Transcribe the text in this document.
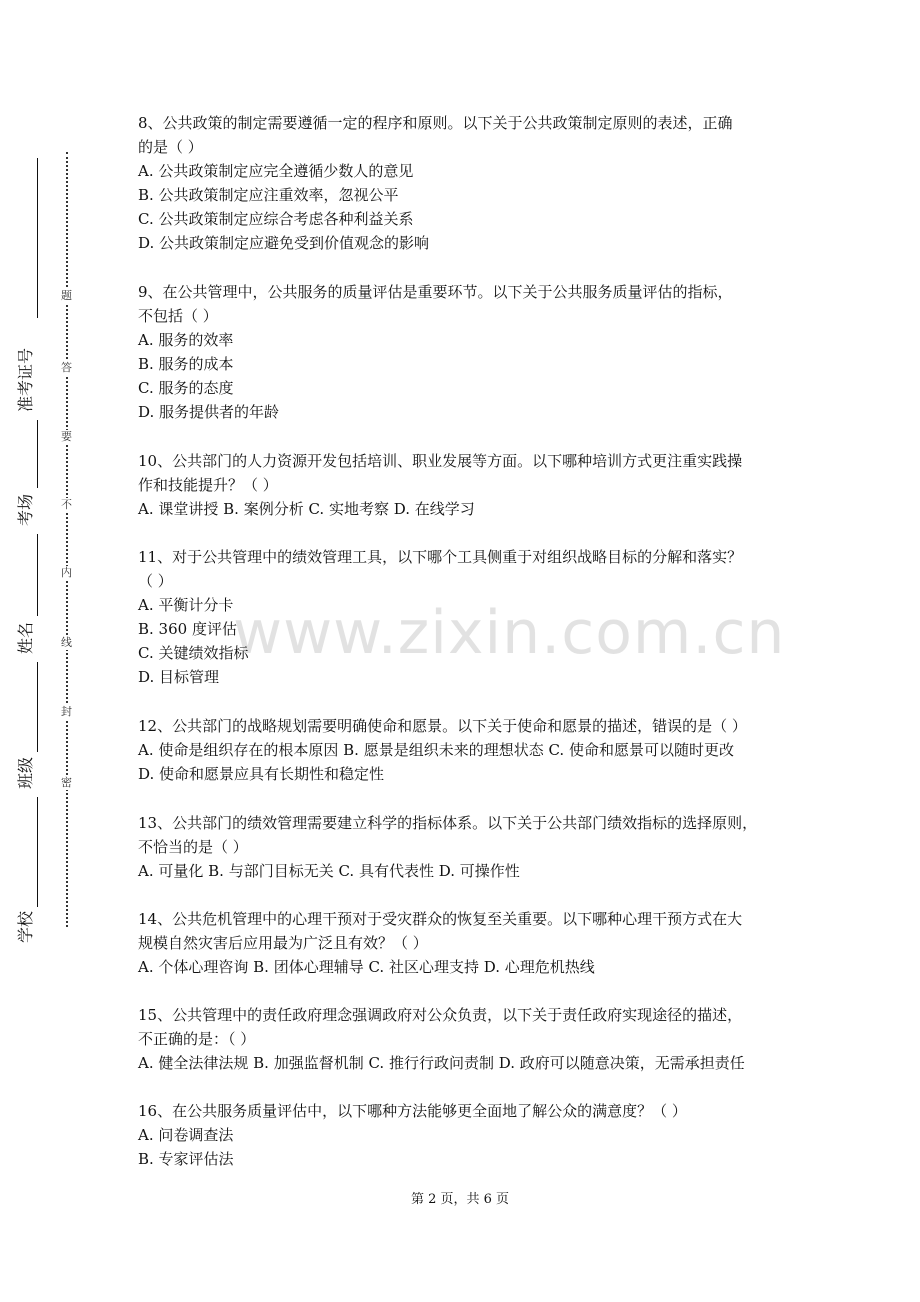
准考证号
考场
姓名
班级
学校
题
答
要
不
内
线
封
密
www.zixin.com.cn

8、公共政策的制定需要遵循一定的程序和原则。以下关于公共政策制定原则的表述，正确

的是（ ）

A. 公共政策制定应完全遵循少数人的意见

B. 公共政策制定应注重效率，忽视公平

C. 公共政策制定应综合考虑各种利益关系

D. 公共政策制定应避免受到价值观念的影响

9、在公共管理中，公共服务的质量评估是重要环节。以下关于公共服务质量评估的指标，

不包括（ ）

A. 服务的效率

B. 服务的成本

C. 服务的态度

D. 服务提供者的年龄

10、公共部门的人力资源开发包括培训、职业发展等方面。以下哪种培训方式更注重实践操

作和技能提升？（ ）

A. 课堂讲授 B. 案例分析 C. 实地考察 D. 在线学习

11、对于公共管理中的绩效管理工具，以下哪个工具侧重于对组织战略目标的分解和落实？

（ ）

A. 平衡计分卡

B. 360 度评估

C. 关键绩效指标

D. 目标管理

12、公共部门的战略规划需要明确使命和愿景。以下关于使命和愿景的描述，错误的是（ ）

A. 使命是组织存在的根本原因 B. 愿景是组织未来的理想状态 C. 使命和愿景可以随时更改

D. 使命和愿景应具有长期性和稳定性

13、公共部门的绩效管理需要建立科学的指标体系。以下关于公共部门绩效指标的选择原则，

不恰当的是（ ）

A. 可量化 B. 与部门目标无关 C. 具有代表性 D. 可操作性

14、公共危机管理中的心理干预对于受灾群众的恢复至关重要。以下哪种心理干预方式在大

规模自然灾害后应用最为广泛且有效？（ ）

A. 个体心理咨询 B. 团体心理辅导 C. 社区心理支持 D. 心理危机热线

15、公共管理中的责任政府理念强调政府对公众负责，以下关于责任政府实现途径的描述，

不正确的是：（ ）

A. 健全法律法规 B. 加强监督机制 C. 推行行政问责制 D. 政府可以随意决策，无需承担责任

16、在公共服务质量评估中，以下哪种方法能够更全面地了解公众的满意度？（ ）

A. 问卷调查法

B. 专家评估法

第 2 页，共 6 页
